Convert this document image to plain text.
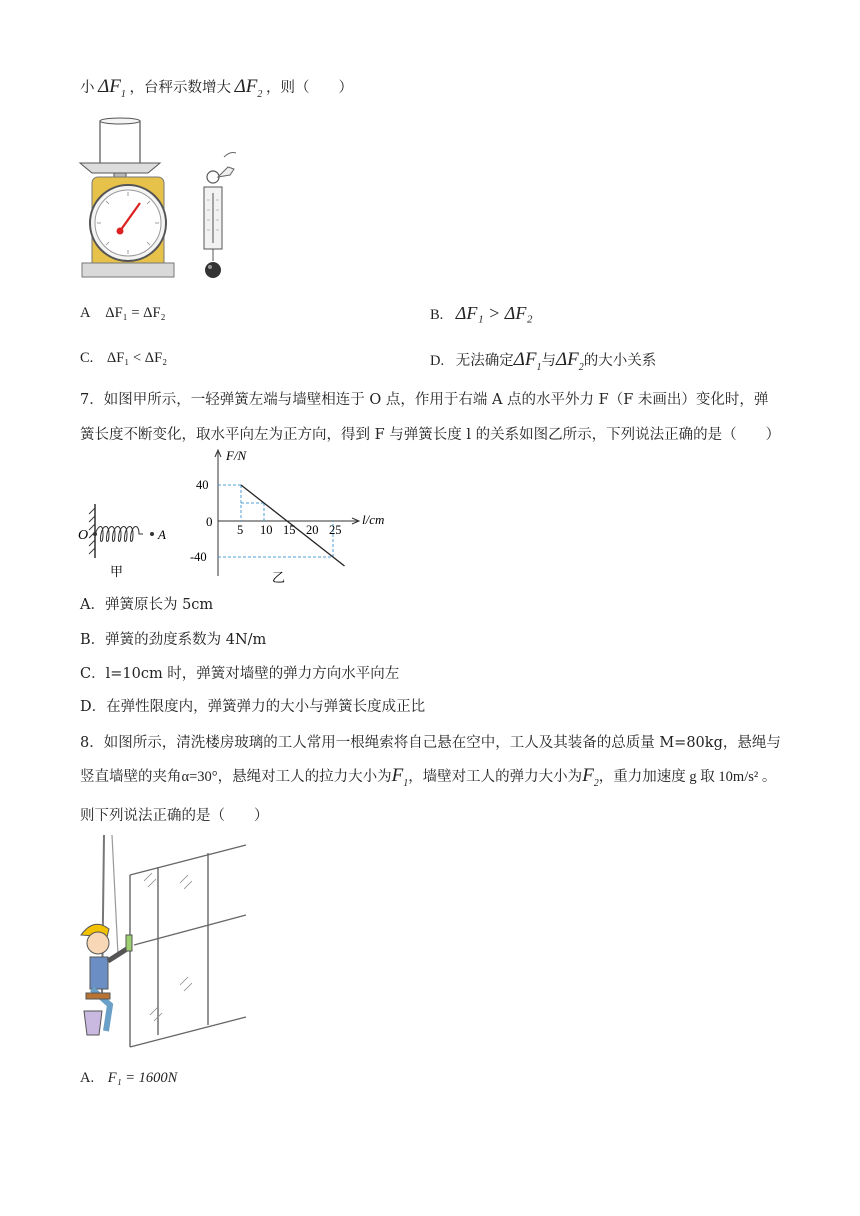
小 $\Delta F_1$ ，台秤示数增大 $\Delta F_2$ ，则（　　）
A ΔF₁ = ΔF₂	B. ΔF₁ > ΔF₂
C. ΔF₁ < ΔF₂	D. 无法确定$\Delta F_1$与$\Delta F_2$的大小关系
7．如图甲所示，一轻弹簧左端与墙壁相连于 O 点，作用于右端 A 点的水平外力 F（F 未画出）变化时，弹
簧长度不断变化，取水平向左为正方向，得到 F 与弹簧长度 l 的关系如图乙所示，下列说法正确的是（　　）
O	A
甲
5 10 15 20 25
40
-40
F/N
l/cm
0
乙
A．弹簧原长为 5cm
B．弹簧的劲度系数为 4N/m
C．l=10cm 时，弹簧对墙壁的弹力方向水平向左
D．在弹性限度内，弹簧弹力的大小与弹簧长度成正比
8．如图所示，清洗楼房玻璃的工人常用一根绳索将自己悬在空中，工人及其装备的总质量 M=80kg，悬绳与
竖直墙壁的夹角α=30°，悬绳对工人的拉力大小为$F_1$，墙壁对工人的弹力大小为$F_2$，重力加速度 g 取 10m/s² 。
则下列说法正确的是（　　）
A. F₁ = 1600N
